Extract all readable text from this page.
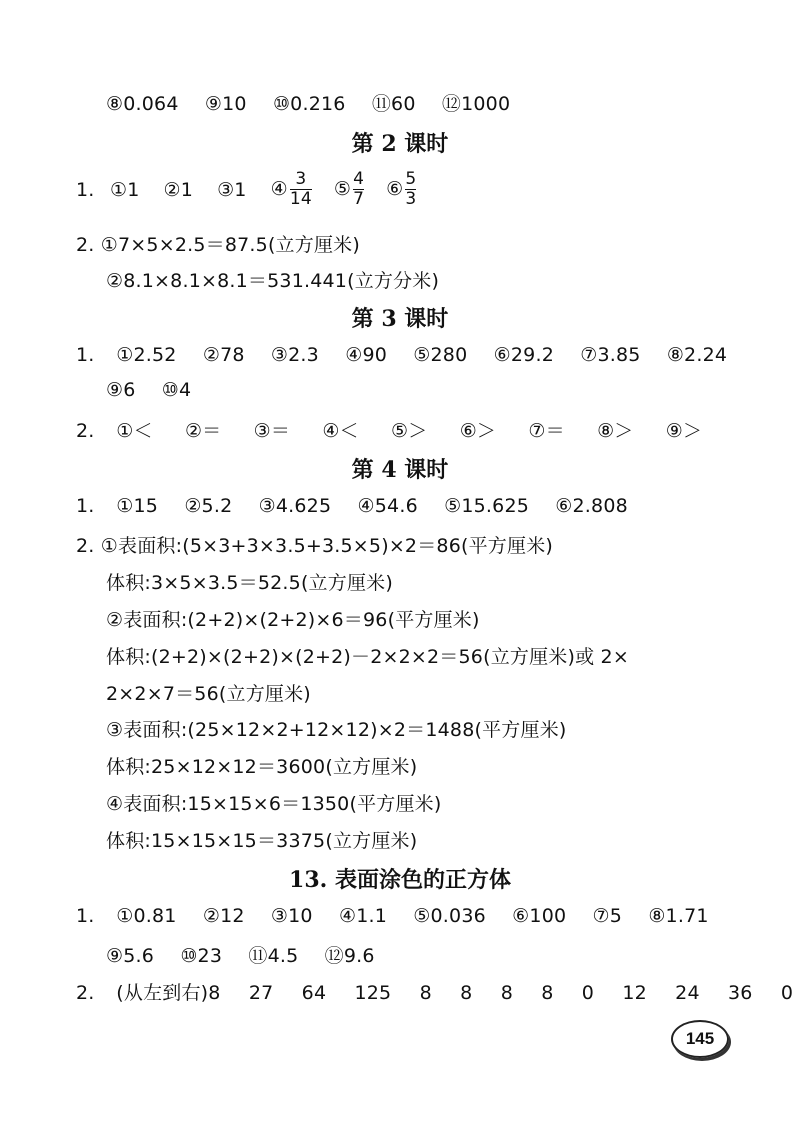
⑧0.064 ⑨10 ⑩0.216 ⑪60 ⑫1000
第 2 课时
1. ①1 ②1 ③1 ④ $\frac{3}{14}$ ⑤ $\frac{4}{7}$ ⑥ $\frac{5}{3}$
2. ①7×5×2.5＝87.5(立方厘米)
②8.1×8.1×8.1＝531.441(立方分米)
第 3 课时
1. ①2.52 ②78 ③2.3 ④90 ⑤280 ⑥29.2 ⑦3.85 ⑧2.24
⑨6 ⑩4
2. ①＜ ②＝ ③＝ ④＜ ⑤＞ ⑥＞ ⑦＝ ⑧＞ ⑨＞
第 4 课时
1. ①15 ②5.2 ③4.625 ④54.6 ⑤15.625 ⑥2.808
2. ①表面积:(5×3+3×3.5+3.5×5)×2＝86(平方厘米)
体积:3×5×3.5＝52.5(立方厘米)
②表面积:(2+2)×(2+2)×6＝96(平方厘米)
体积:(2+2)×(2+2)×(2+2)－2×2×2＝56(立方厘米)或 2×
2×2×7＝56(立方厘米)
③表面积:(25×12×2+12×12)×2＝1488(平方厘米)
体积:25×12×12＝3600(立方厘米)
④表面积:15×15×6＝1350(平方厘米)
体积:15×15×15＝3375(立方厘米)
13. 表面涂色的正方体
1. ①0.81 ②12 ③10 ④1.1 ⑤0.036 ⑥100 ⑦5 ⑧1.71
⑨5.6 ⑩23 ⑪4.5 ⑫9.6
2. (从左到右)8 27 64 125 8 8 8 8 0 12 24 36 0
145
